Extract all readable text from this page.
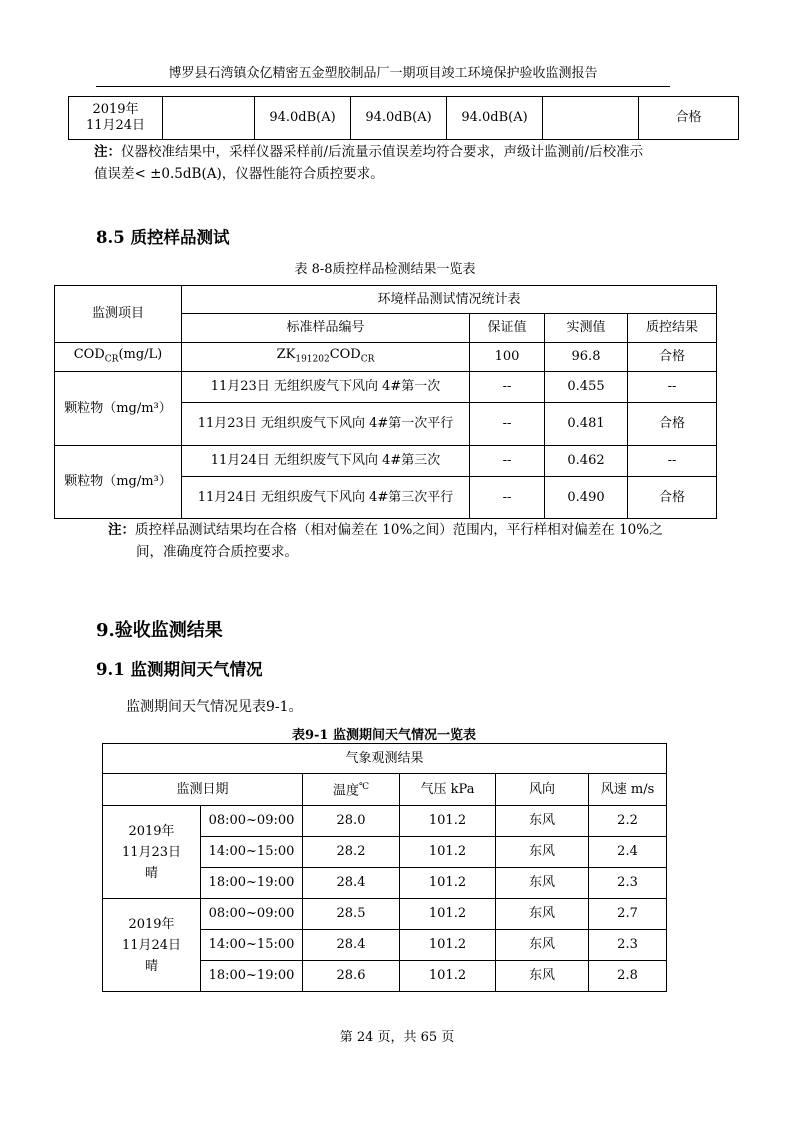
博罗县石湾镇众亿精密五金塑胶制品厂一期项目竣工环境保护验收监测报告
2019年
11月24日		94.0dB(A)	94.0dB(A)	94.0dB(A)		合格
注：仪器校准结果中，采样仪器采样前/后流量示值误差均符合要求，声级计监测前/后校准示
值误差< ±0.5dB(A)，仪器性能符合质控要求。
8.5 质控样品测试
表 8-8质控样品检测结果一览表
监测项目	环境样品测试情况统计表			
	标准样品编号	保证值	实测值	质控结果
$COD_{CR}(mg/L)$	$ZK_{191202}COD_{CR}$	100	96.8	合格
颗粒物（mg/m³）	11月23日 无组织废气下风向 4#第一次	--	0.455	--
	11月23日 无组织废气下风向 4#第一次平行	--	0.481	合格
颗粒物（mg/m³）	11月24日 无组织废气下风向 4#第三次	--	0.462	--
	11月24日 无组织废气下风向 4#第三次平行	--	0.490	合格
注：质控样品测试结果均在合格（相对偏差在 10%之间）范围内，平行样相对偏差在 10%之
间，准确度符合质控要求。
9.验收监测结果
9.1 监测期间天气情况
监测期间天气情况见表9-1。
表9-1 监测期间天气情况一览表
气象观测结果					
监测日期		温度℃	气压 kPa	风向	风速 m/s
2019年
11月23日
晴	08:00~09:00	28.0	101.2	东风	2.2
	14:00~15:00	28.2	101.2	东风	2.4
	18:00~19:00	28.4	101.2	东风	2.3
2019年
11月24日
晴	08:00~09:00	28.5	101.2	东风	2.7
	14:00~15:00	28.4	101.2	东风	2.3
	18:00~19:00	28.6	101.2	东风	2.8
第 24 页，共 65 页
